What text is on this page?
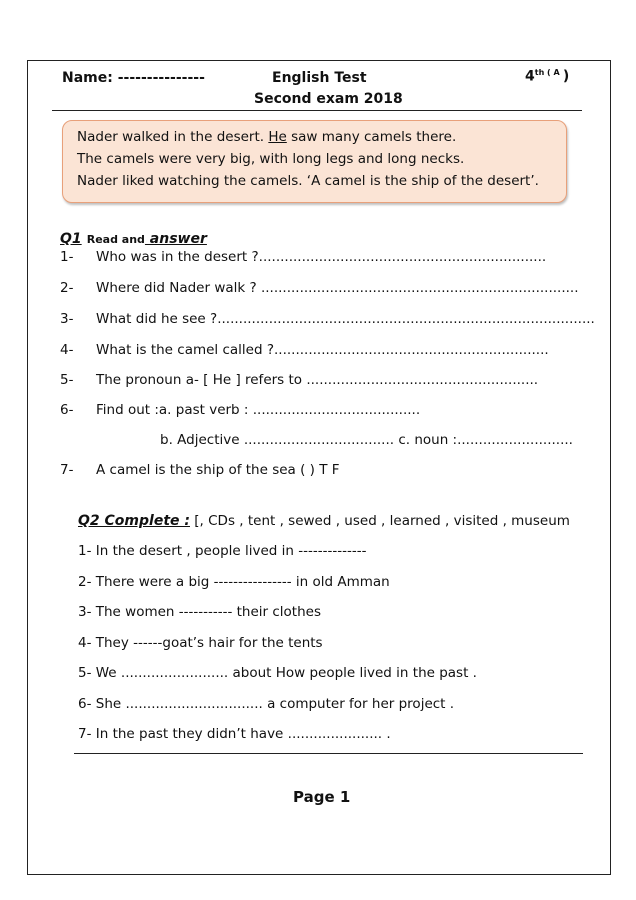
Name: ---------------	English Test	$4^{th ( A}$ )
Second exam 2018
Nader walked in the desert. He saw many camels there.
The camels were very big, with long legs and long necks.
Nader liked watching the camels. ‘A camel is the ship of the desert’.
Q1 Read and answer
1- Who was in the desert ?...................................................................
2- Where did Nader walk ? ..........................................................................
3- What did he see ?........................................................................................
4- What is the camel called ?................................................................
5- The pronoun a- [ He ] refers to ......................................................
6- Find out :a. past verb : .......................................
b. Adjective ................................... c. noun :...........................
7- A camel is the ship of the sea ( ) T F
Q2 Complete : [, CDs , tent , sewed , used , learned , visited , museum
1- In the desert , people lived in --------------
2- There were a big ---------------- in old Amman
3- The women ----------- their clothes
4- They ------goat’s hair for the tents
5- We ......................... about How people lived in the past .
6- She ................................ a computer for her project .
7- In the past they didn’t have ...................... .
Page 1
